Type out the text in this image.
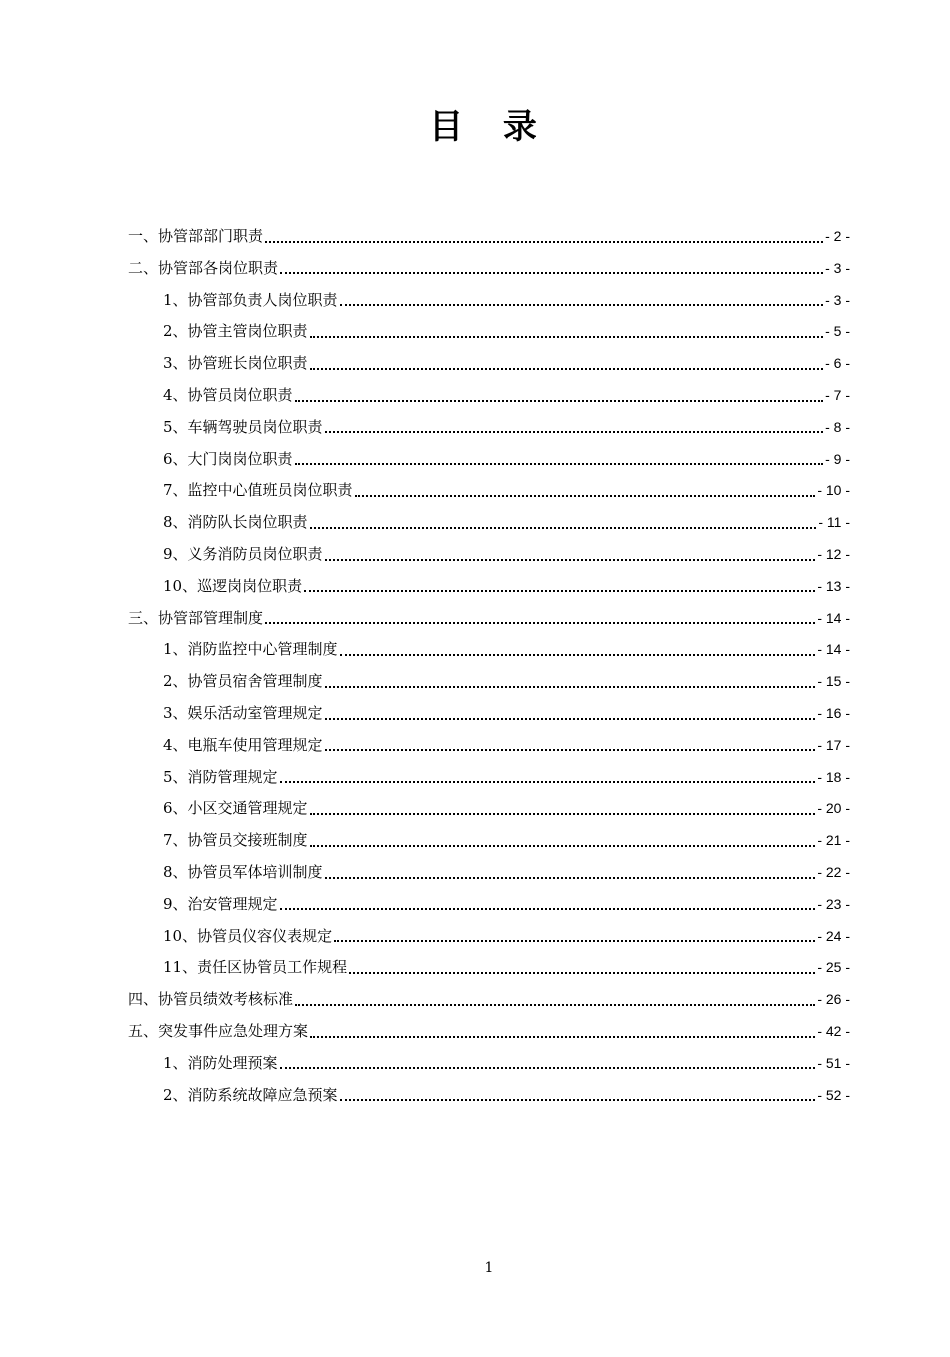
目 录
一、协管部部门职责	- 2 -
二、协管部各岗位职责	- 3 -
1、协管部负责人岗位职责	- 3 -
2、协管主管岗位职责	- 5 -
3、协管班长岗位职责	- 6 -
4、协管员岗位职责	- 7 -
5、车辆驾驶员岗位职责	- 8 -
6、大门岗岗位职责	- 9 -
7、监控中心值班员岗位职责	- 10 -
8、消防队长岗位职责	- 11 -
9、义务消防员岗位职责	- 12 -
10、巡逻岗岗位职责	- 13 -
三、协管部管理制度	- 14 -
1、消防监控中心管理制度	- 14 -
2、协管员宿舍管理制度	- 15 -
3、娱乐活动室管理规定	- 16 -
4、电瓶车使用管理规定	- 17 -
5、消防管理规定	- 18 -
6、小区交通管理规定	- 20 -
7、协管员交接班制度	- 21 -
8、协管员军体培训制度	- 22 -
9、治安管理规定	- 23 -
10、协管员仪容仪表规定	- 24 -
11、责任区协管员工作规程	- 25 -
四、协管员绩效考核标准	- 26 -
五、突发事件应急处理方案	- 42 -
1、消防处理预案	- 51 -
2、消防系统故障应急预案	- 52 -
1
